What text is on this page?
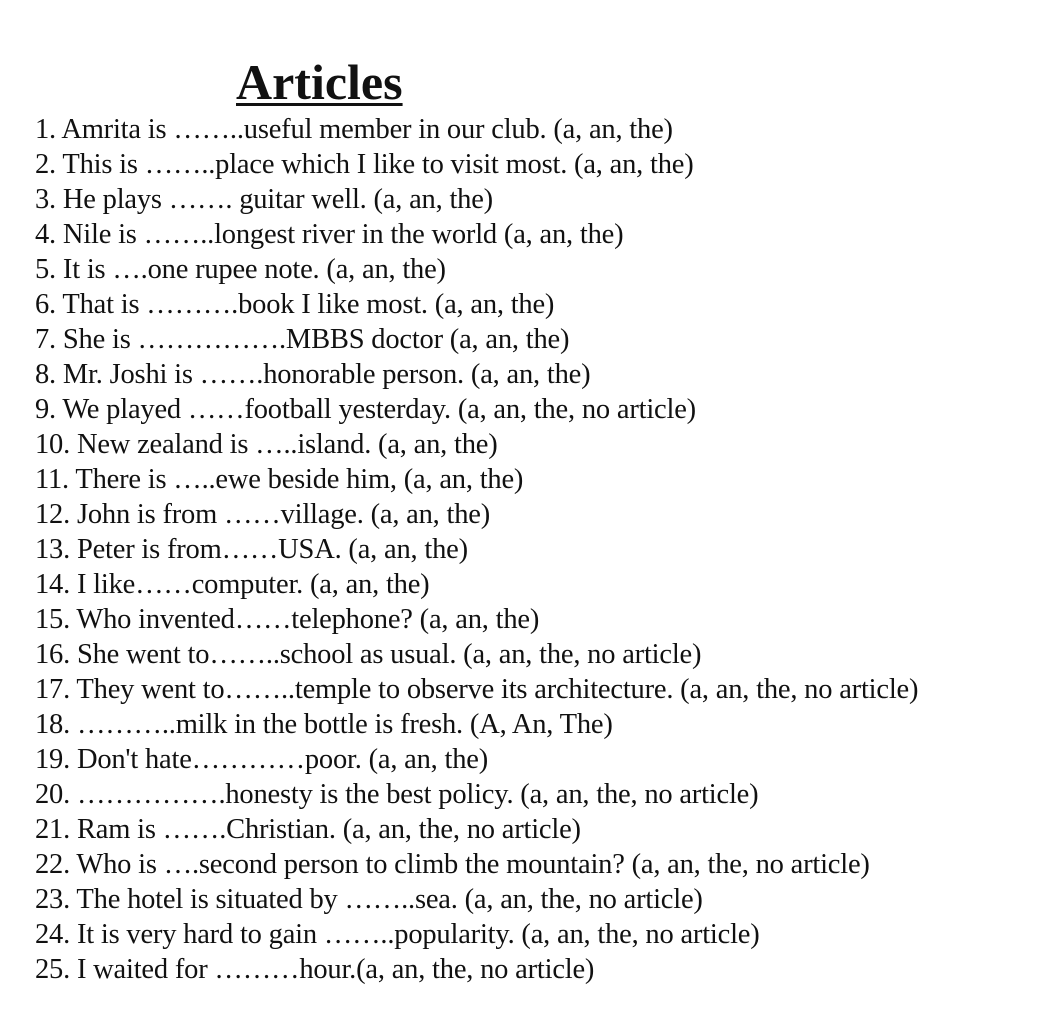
Articles
1. Amrita is ……..useful member in our club. (a, an, the)
2. This is ……..place which I like to visit most. (a, an, the)
3. He plays ……. guitar well. (a, an, the)
4. Nile is ……..longest river in the world (a, an, the)
5. It is ….one rupee note. (a, an, the)
6. That is ……….book I like most. (a, an, the)
7. She is …………….MBBS doctor (a, an, the)
8. Mr. Joshi is …….honorable person. (a, an, the)
9. We played ……football yesterday. (a, an, the, no article)
10. New zealand is …..island. (a, an, the)
11. There is …..ewe beside him, (a, an, the)
12. John is from ……village. (a, an, the)
13. Peter is from……USA. (a, an, the)
14. I like……computer. (a, an, the)
15. Who invented……telephone? (a, an, the)
16. She went to……..school as usual. (a, an, the, no article)
17. They went to……..temple to observe its architecture. (a, an, the, no article)
18. ………..milk in the bottle is fresh. (A, An, The)
19. Don't hate…………poor. (a, an, the)
20. …………….honesty is the best policy. (a, an, the, no article)
21. Ram is …….Christian. (a, an, the, no article)
22. Who is ….second person to climb the mountain? (a, an, the, no article)
23. The hotel is situated by ……..sea. (a, an, the, no article)
24. It is very hard to gain ……..popularity. (a, an, the, no article)
25. I waited for ………hour.(a, an, the, no article)
